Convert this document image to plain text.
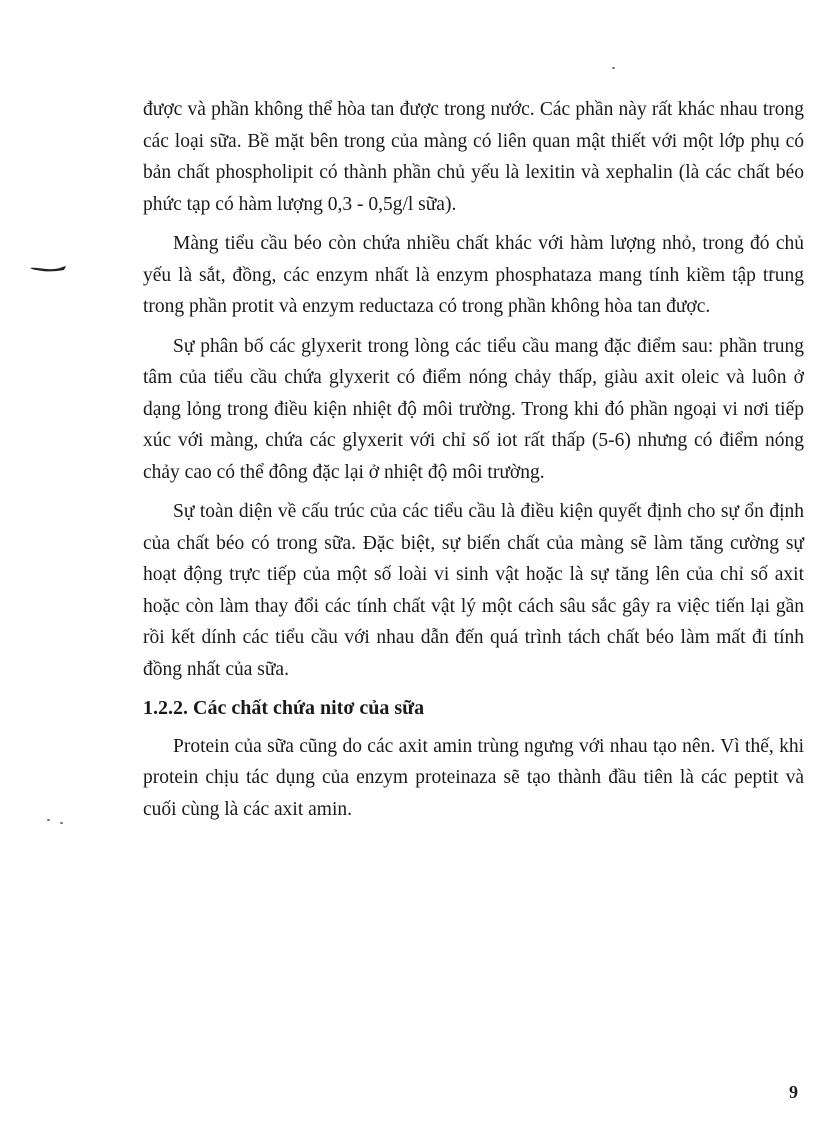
được và phần không thể hòa tan được trong nước. Các phần này rất khác nhau trong các loại sữa. Bề mặt bên trong của màng có liên quan mật thiết với một lớp phụ có bản chất phospholipit có thành phần chủ yếu là lexitin và xephalin (là các chất béo phức tạp có hàm lượng 0,3 - 0,5g/l sữa).

Màng tiểu cầu béo còn chứa nhiều chất khác với hàm lượng nhỏ, trong đó chủ yếu là sắt, đồng, các enzym nhất là enzym phosphataza mang tính kiềm tập trung trong phần protit và enzym reductaza có trong phần không hòa tan được.

Sự phân bố các glyxerit trong lòng các tiểu cầu mang đặc điểm sau: phần trung tâm của tiểu cầu chứa glyxerit có điểm nóng chảy thấp, giàu axit oleic và luôn ở dạng lỏng trong điều kiện nhiệt độ môi trường. Trong khi đó phần ngoại vi nơi tiếp xúc với màng, chứa các glyxerit với chỉ số iot rất thấp (5-6) nhưng có điểm nóng chảy cao có thể đông đặc lại ở nhiệt độ môi trường.

Sự toàn diện về cấu trúc của các tiểu cầu là điều kiện quyết định cho sự ổn định của chất béo có trong sữa. Đặc biệt, sự biến chất của màng sẽ làm tăng cường sự hoạt động trực tiếp của một số loài vi sinh vật hoặc là sự tăng lên của chỉ số axit hoặc còn làm thay đổi các tính chất vật lý một cách sâu sắc gây ra việc tiến lại gần rồi kết dính các tiểu cầu với nhau dẫn đến quá trình tách chất béo làm mất đi tính đồng nhất của sữa.

1.2.2. Các chất chứa nitơ của sữa

Protein của sữa cũng do các axit amin trùng ngưng với nhau tạo nên. Vì thế, khi protein chịu tác dụng của enzym proteinaza sẽ tạo thành đầu tiên là các peptit và cuối cùng là các axit amin.

9
